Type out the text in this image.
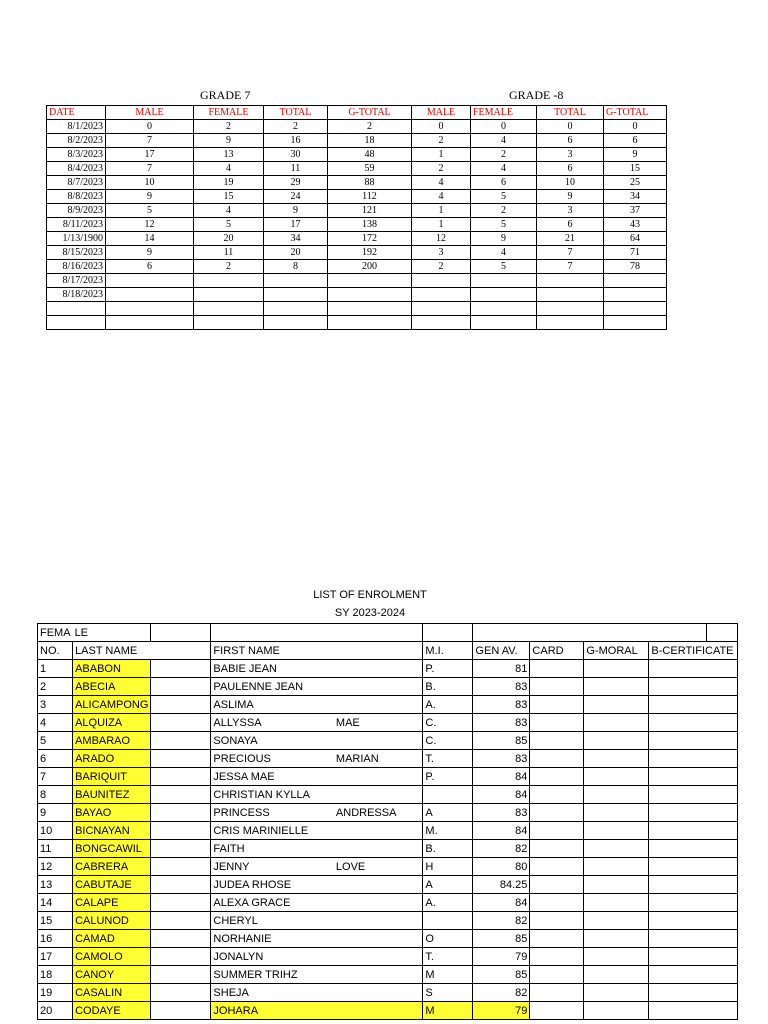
GRADE 7	GRADE -8
DATE	MALE	FEMALE	TOTAL	G-TOTAL	MALE	FEMALE	TOTAL	G-TOTAL
8/1/2023	0	2	2	2	0	0	0	0
8/2/2023	7	9	16	18	2	4	6	6
8/3/2023	17	13	30	48	1	2	3	9
8/4/2023	7	4	11	59	2	4	6	15
8/7/2023	10	19	29	88	4	6	10	25
8/8/2023	9	15	24	112	4	5	9	34
8/9/2023	5	4	9	121	1	2	3	37
8/11/2023	12	5	17	138	1	5	6	43
1/13/1900	14	20	34	172	12	9	21	64
8/15/2023	9	11	20	192	3	4	7	71
8/16/2023	6	2	8	200	2	5	7	78
8/17/2023								
8/18/2023								

LIST OF ENROLMENT
SY 2023-2024
FEMA	LE									
NO.	LAST NAME		FIRST NAME		M.I.	GEN AV.	CARD	G-MORAL	B-CERTIFICATE	
1	ABABON		BABIE JEAN		P.	81				
2	ABECIA		PAULENNE JEAN		B.	83				
3	ALICAMPONG		ASLIMA		A.	83				
4	ALQUIZA		ALLYSSA	MAE	C.	83				
5	AMBARAO		SONAYA		C.	85				
6	ARADO		PRECIOUS	MARIAN	T.	83				
7	BARIQUIT		JESSA MAE		P.	84				
8	BAUNITEZ		CHRISTIAN KYLLA			84				
9	BAYAO		PRINCESS	ANDRESSA	A	83				
10	BICNAYAN		CRIS MARINIELLE		M.	84				
11	BONGCAWIL		FAITH		B.	82				
12	CABRERA		JENNY	LOVE	H	80				
13	CABUTAJE		JUDEA RHOSE		A	84.25				
14	CALAPE		ALEXA GRACE		A.	84				
15	CALUNOD		CHERYL			82				
16	CAMAD		NORHANIE		O	85				
17	CAMOLO		JONALYN		T.	79				
18	CANOY		SUMMER TRIHZ		M	85				
19	CASALIN		SHEJA		S	82				
20	CODAYE		JOHARA		M	79				
